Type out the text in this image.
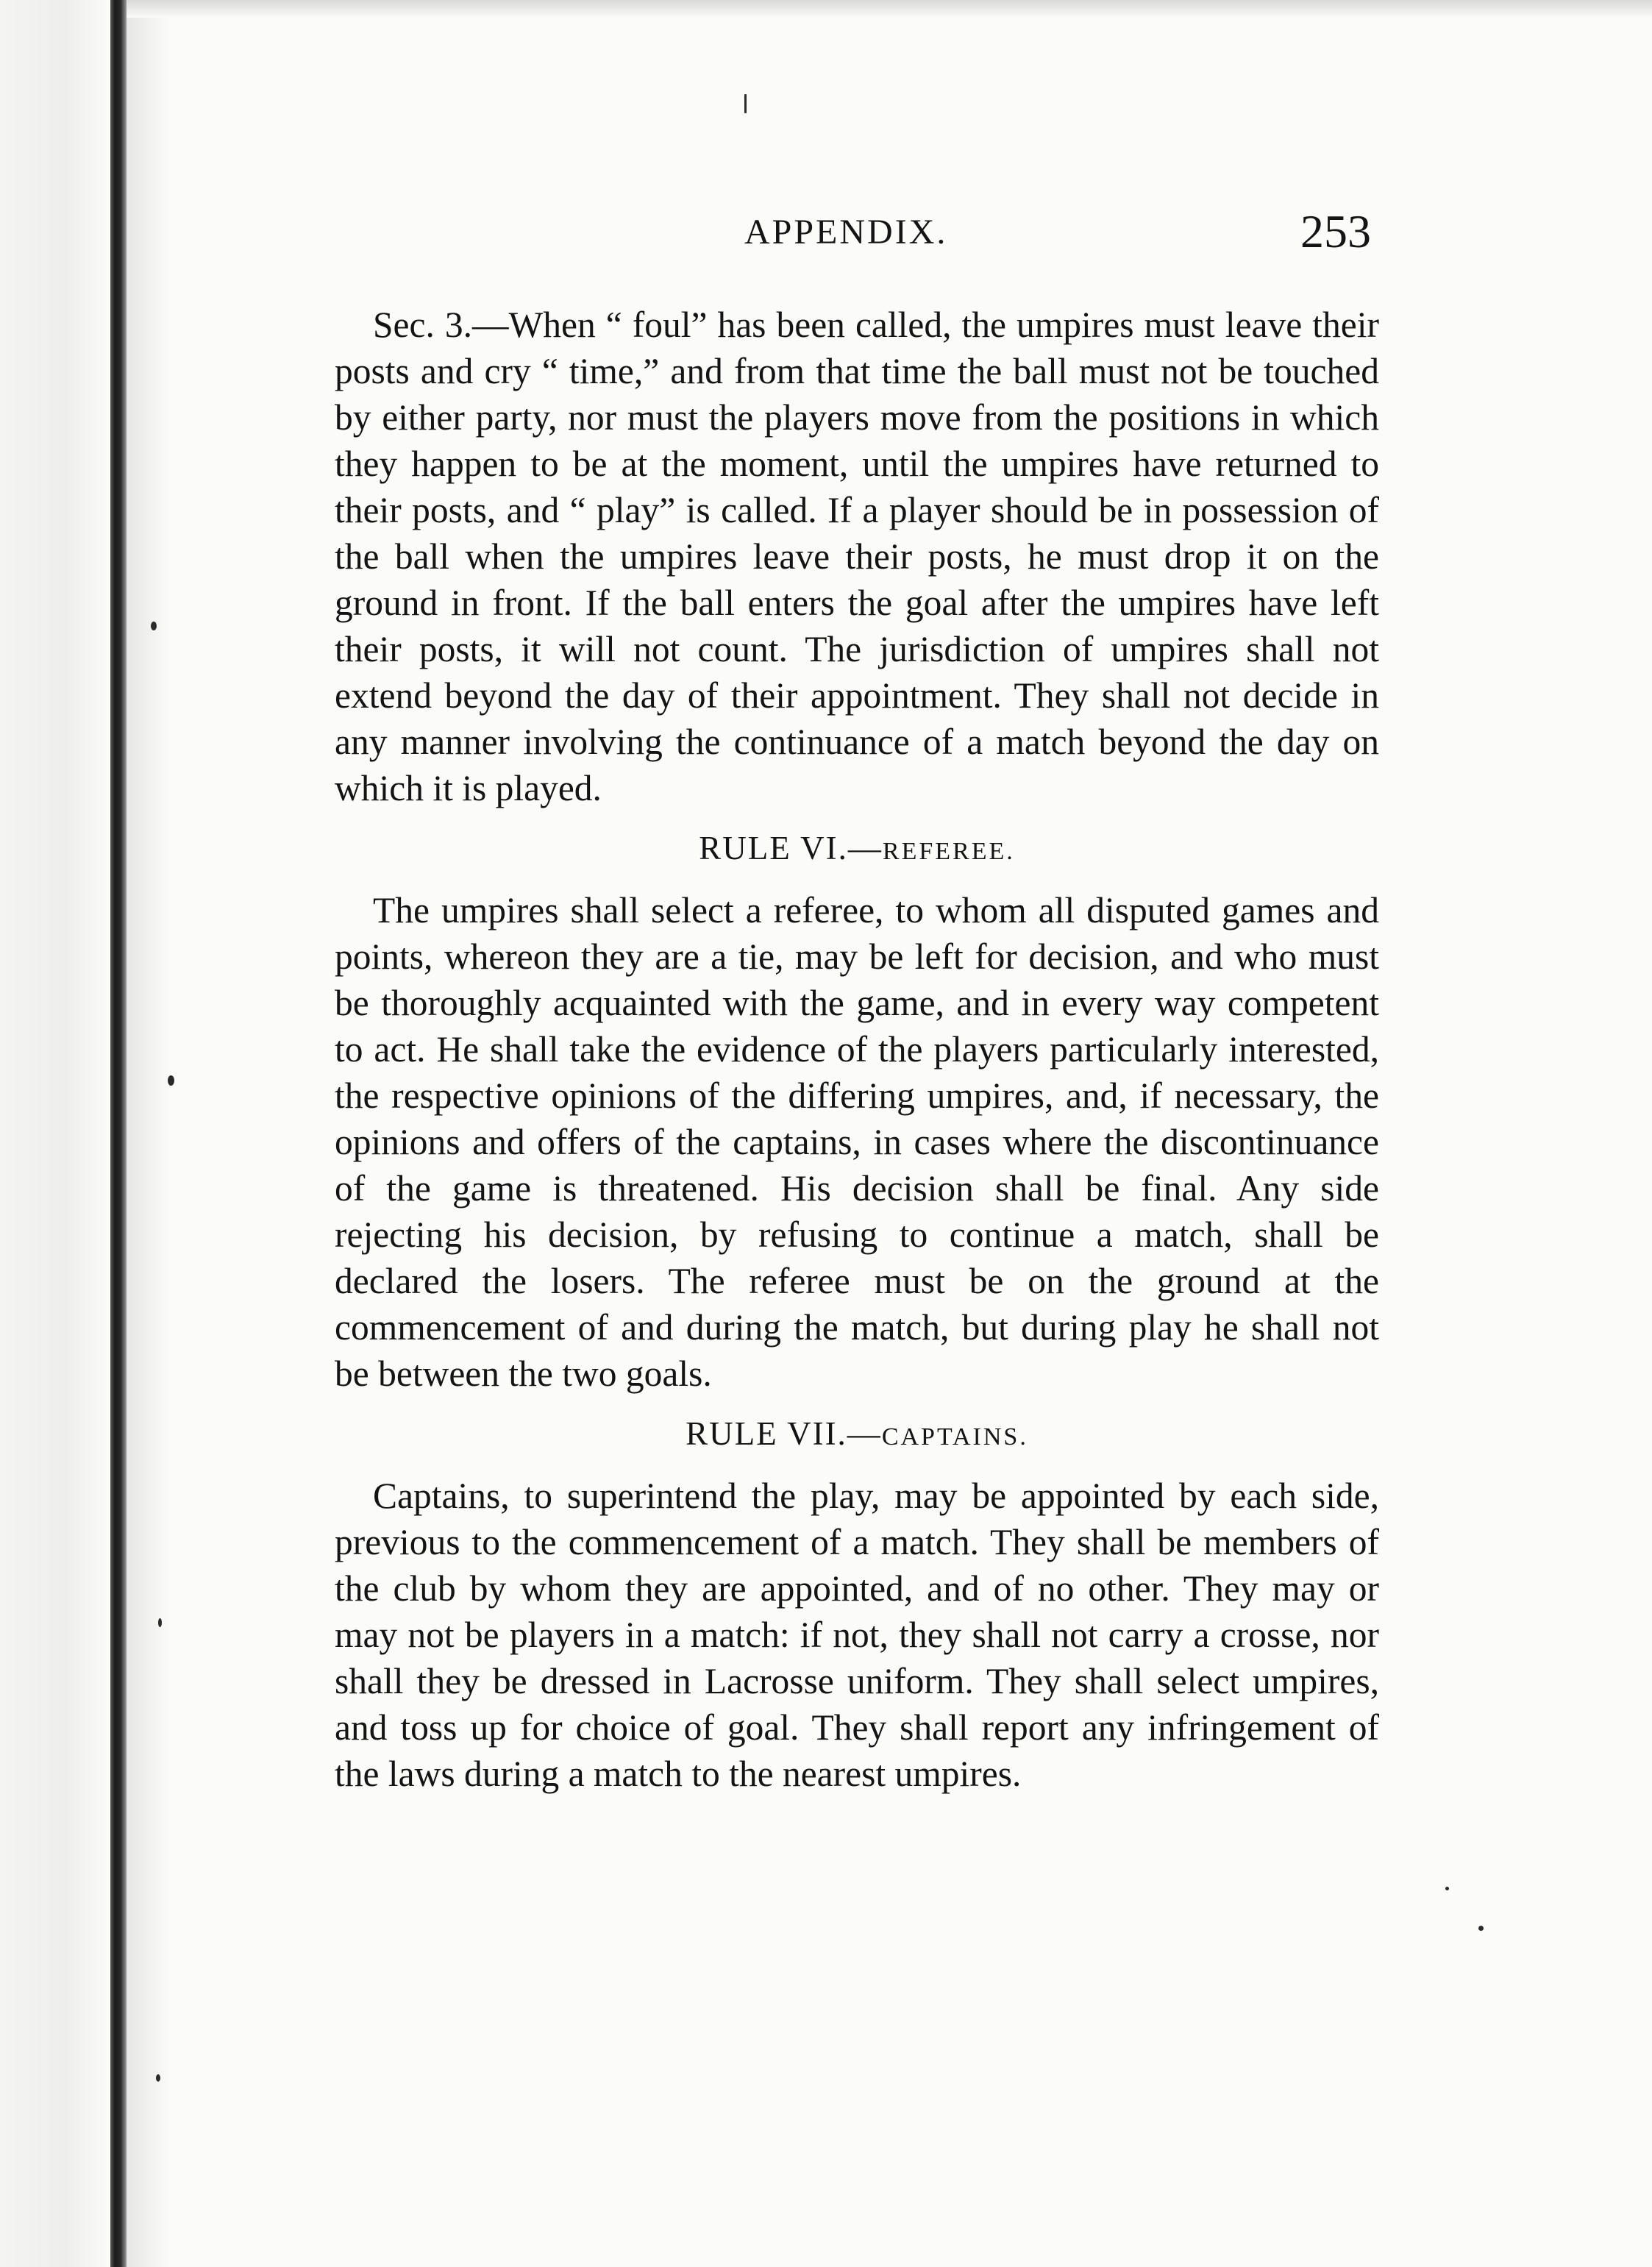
APPENDIX.	253

Sec. 3.—When “ foul” has been called, the umpires must leave their posts and cry “ time,” and from that time the ball must not be touched by either party, nor must the players move from the positions in which they happen to be at the moment, until the umpires have returned to their posts, and “ play” is called. If a player should be in possession of the ball when the umpires leave their posts, he must drop it on the ground in front. If the ball enters the goal after the umpires have left their posts, it will not count. The jurisdiction of umpires shall not extend beyond the day of their appointment. They shall not decide in any manner involving the continuance of a match beyond the day on which it is played.

RULE VI.—REFEREE.

The umpires shall select a referee, to whom all disputed games and points, whereon they are a tie, may be left for decision, and who must be thoroughly acquainted with the game, and in every way competent to act. He shall take the evidence of the players particularly interested, the respective opinions of the differing umpires, and, if necessary, the opinions and offers of the captains, in cases where the discontinuance of the game is threatened. His decision shall be final. Any side rejecting his decision, by refusing to continue a match, shall be declared the losers. The referee must be on the ground at the commencement of and during the match, but during play he shall not be between the two goals.

RULE VII.—CAPTAINS.

Captains, to superintend the play, may be appointed by each side, previous to the commencement of a match. They shall be members of the club by whom they are appointed, and of no other. They may or may not be players in a match: if not, they shall not carry a crosse, nor shall they be dressed in Lacrosse uniform. They shall select umpires, and toss up for choice of goal. They shall report any infringement of the laws during a match to the nearest umpires.
